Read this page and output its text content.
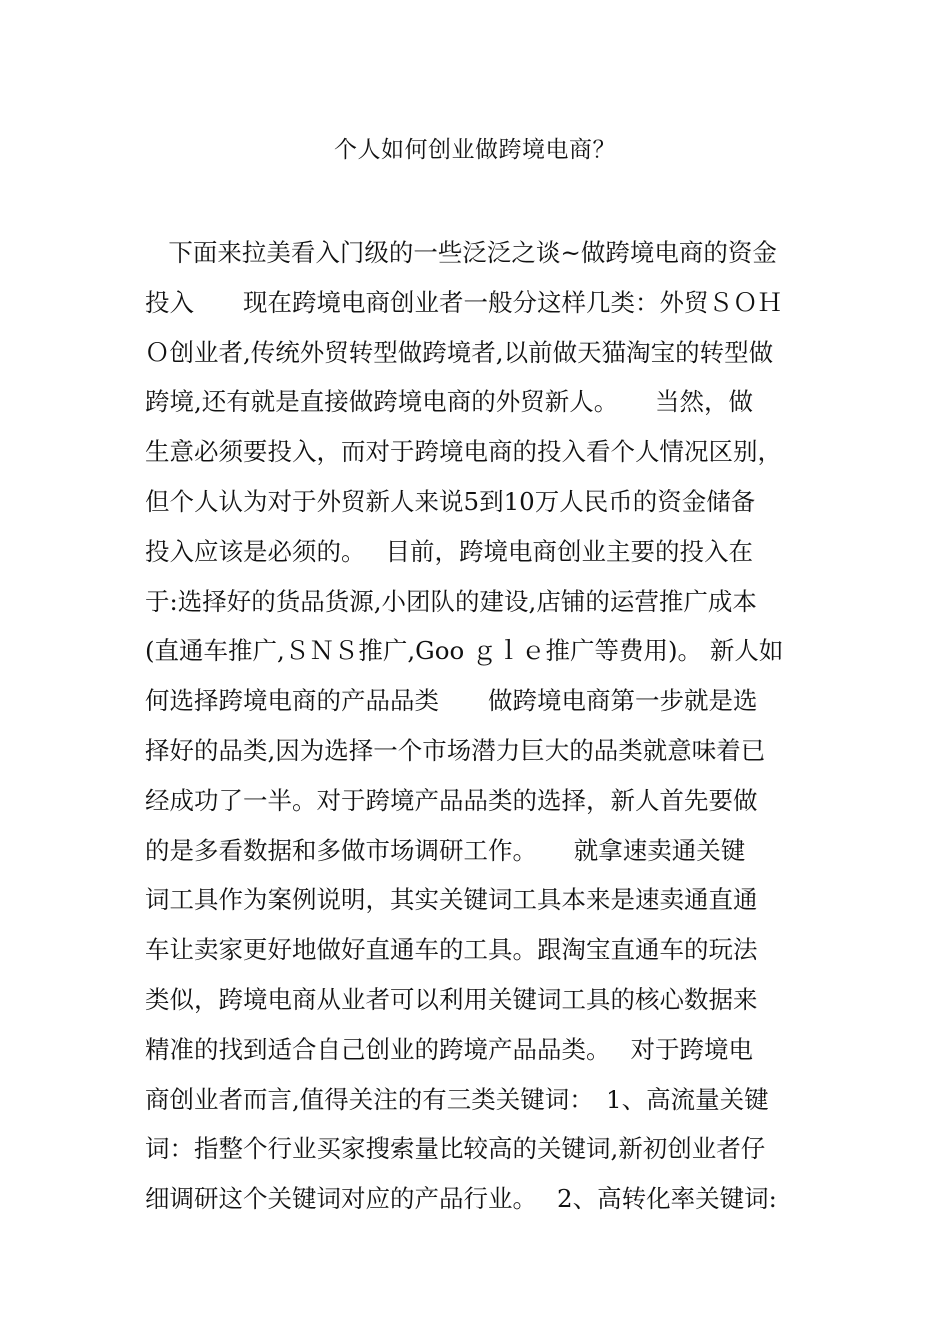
个人如何创业做跨境电商？
下面来拉美看入门级的一些泛泛之谈~做跨境电商的资金
投入　　现在跨境电商创业者一般分这样几类：外贸ＳＯＨ
Ｏ创业者,传统外贸转型做跨境者,以前做天猫淘宝的转型做
跨境,还有就是直接做跨境电商的外贸新人。　　当然，做
生意必须要投入，而对于跨境电商的投入看个人情况区别，
但个人认为对于外贸新人来说5到10万人民币的资金储备
投入应该是必须的。　 目前，跨境电商创业主要的投入在
于:选择好的货品货源,小团队的建设,店铺的运营推广成本
(直通车推广,ＳＮＳ推广,Goo ｇｌｅ推广等费用)。 新人如
何选择跨境电商的产品品类　　做跨境电商第一步就是选
择好的品类,因为选择一个市场潜力巨大的品类就意味着已
经成功了一半。对于跨境产品品类的选择，新人首先要做
的是多看数据和多做市场调研工作。　　就拿速卖通关键
词工具作为案例说明，其实关键词工具本来是速卖通直通
车让卖家更好地做好直通车的工具。跟淘宝直通车的玩法
类似，跨境电商从业者可以利用关键词工具的核心数据来
精准的找到适合自己创业的跨境产品品类。　 对于跨境电
商创业者而言,值得关注的有三类关键词：　1、高流量关键
词：指整个行业买家搜索量比较高的关键词,新初创业者仔
细调研这个关键词对应的产品行业。　 2、高转化率关键词:
